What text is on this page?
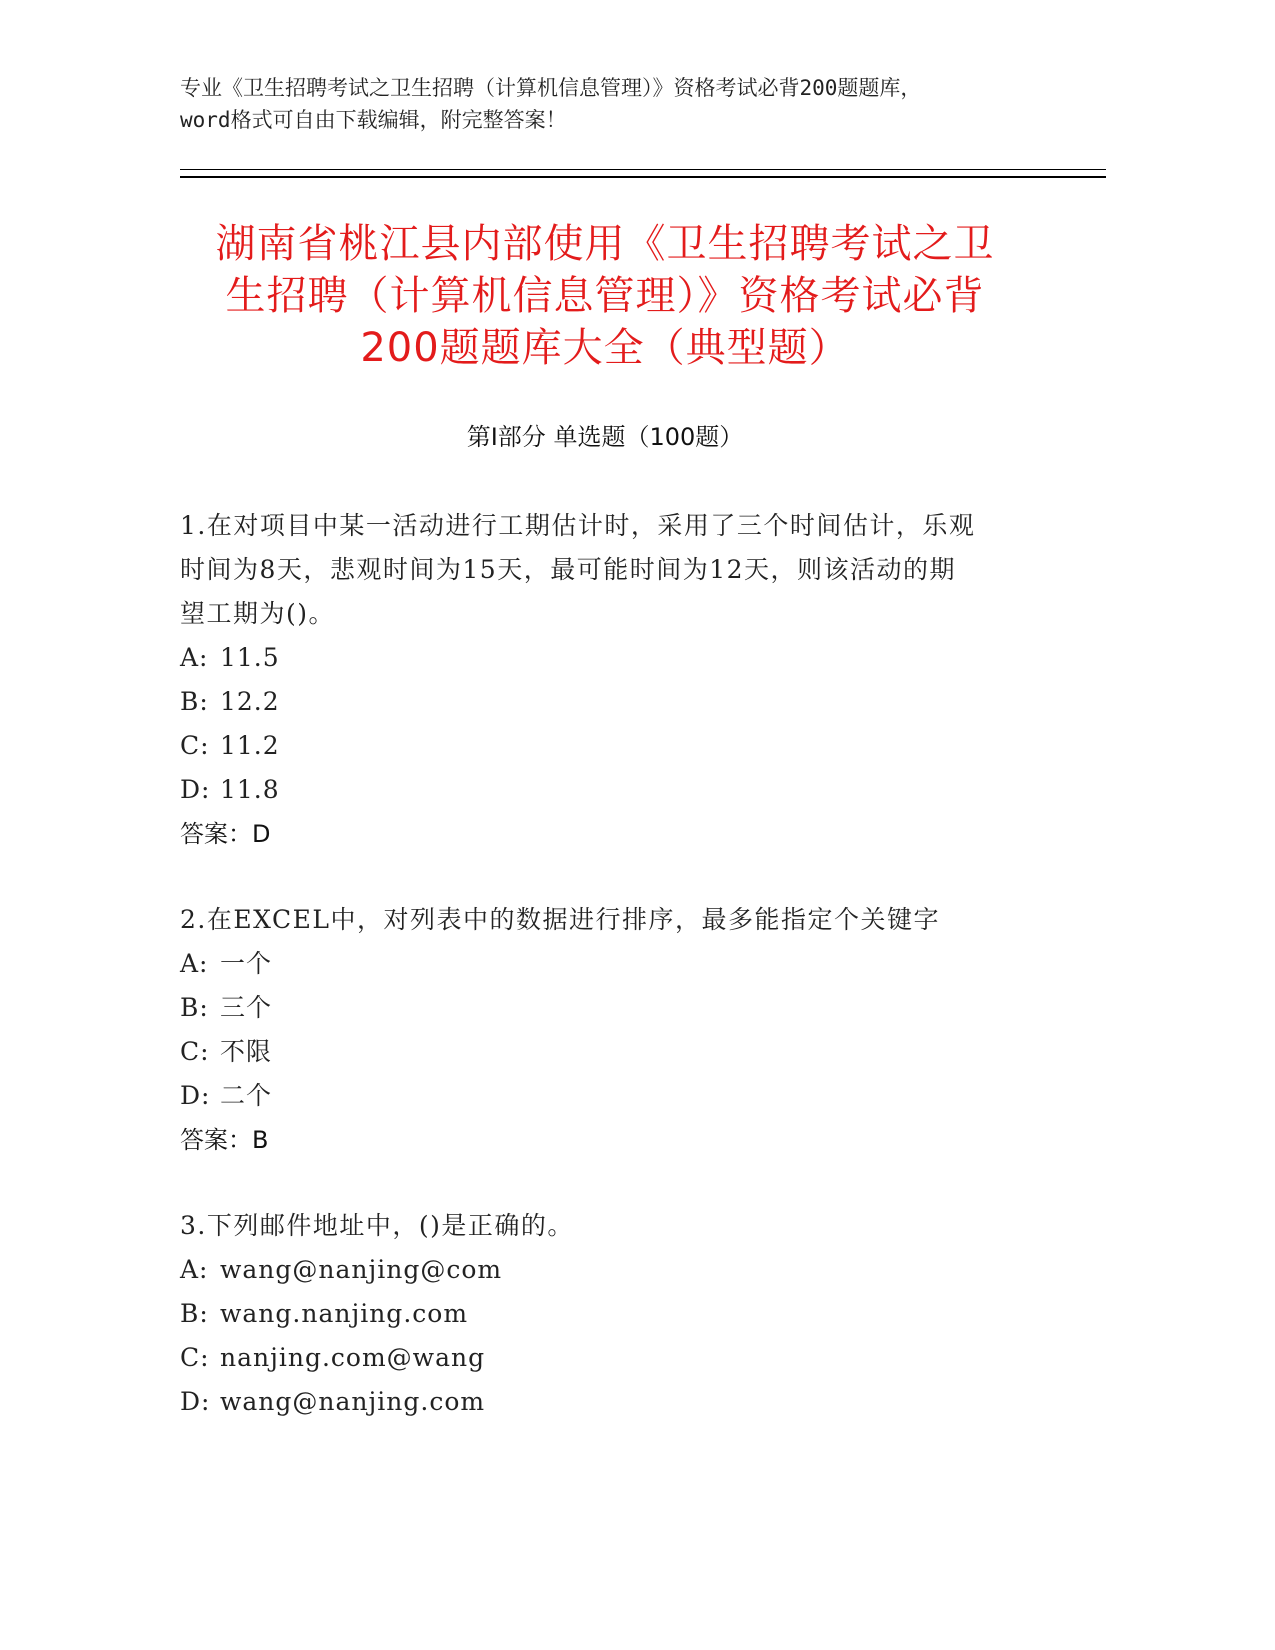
专业《卫生招聘考试之卫生招聘（计算机信息管理）》资格考试必背200题题库，
word格式可自由下载编辑，附完整答案！
湖南省桃江县内部使用《卫生招聘考试之卫
生招聘（计算机信息管理）》资格考试必背
200题题库大全（典型题）
第Ⅰ部分 单选题（100题）
1.在对项目中某一活动进行工期估计时，采用了三个时间估计，乐观
时间为8天，悲观时间为15天，最可能时间为12天，则该活动的期
望工期为()。
A: 11.5
B: 12.2
C: 11.2
D: 11.8
答案：D
2.在EXCEL中，对列表中的数据进行排序，最多能指定个关键字
A: 一个
B: 三个
C: 不限
D: 二个
答案：B
3.下列邮件地址中，()是正确的。
A: wang@nanjing@com
B: wang.nanjing.com
C: nanjing.com@wang
D: wang@nanjing.com
